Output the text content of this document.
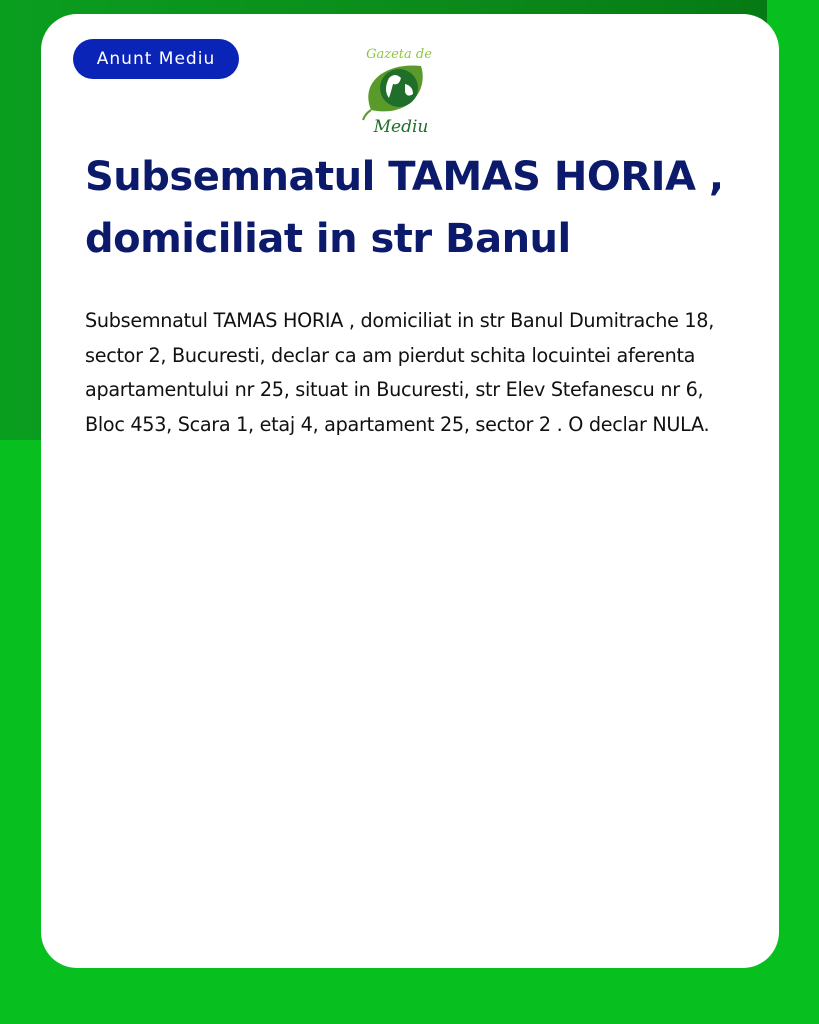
Anunt Mediu	Gazeta de
Mediu
Subsemnatul TAMAS HORIA , domiciliat in str Banul

Subsemnatul TAMAS HORIA , domiciliat in str Banul Dumitrache 18, sector 2, Bucuresti, declar ca am pierdut schita locuintei aferenta apartamentului nr 25, situat in Bucuresti, str Elev Stefanescu nr 6, Bloc 453, Scara 1, etaj 4, apartament 25, sector 2 . O declar NULA.
